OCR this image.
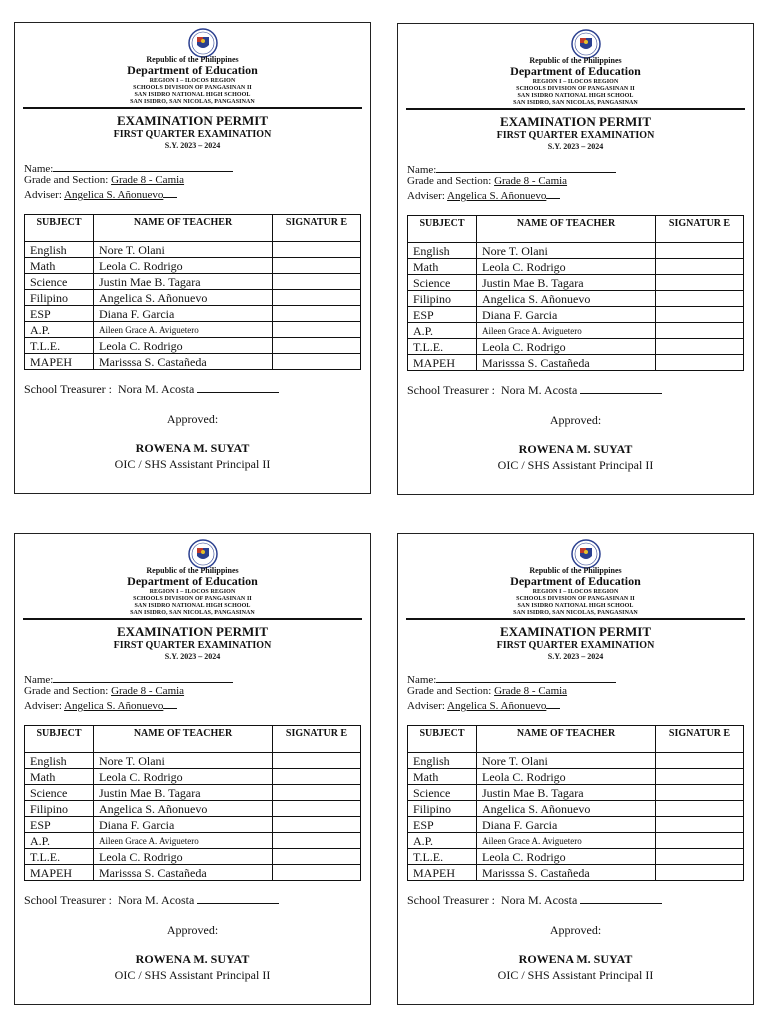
Republic of the Philippines
Department of Education
REGION I – ILOCOS REGION
SCHOOLS DIVISION OF PANGASINAN II
SAN ISIDRO NATIONAL HIGH SCHOOL
SAN ISIDRO, SAN NICOLAS, PANGASINAN
EXAMINATION PERMIT
FIRST QUARTER EXAMINATION
S.Y. 2023 – 2024
Name:
Grade and Section: Grade 8 - Camia
Adviser: Angelica S. Añonuevo
SUBJECT	NAME OF TEACHER	SIGNATUR E
English	Nore T. Olani	
Math	Leola C. Rodrigo	
Science	Justin Mae B. Tagara	
Filipino	Angelica S. Añonuevo	
ESP	Diana F. Garcia	
A.P.	Aileen Grace A. Aviguetero	
T.L.E.	Leola C. Rodrigo	
MAPEH	Marisssa S. Castañeda	
School Treasurer : Nora M. Acosta
Approved:
ROWENA M. SUYAT
OIC / SHS Assistant Principal II
Republic of the Philippines
Department of Education
REGION I – ILOCOS REGION
SCHOOLS DIVISION OF PANGASINAN II
SAN ISIDRO NATIONAL HIGH SCHOOL
SAN ISIDRO, SAN NICOLAS, PANGASINAN
EXAMINATION PERMIT
FIRST QUARTER EXAMINATION
S.Y. 2023 – 2024
Name:
Grade and Section: Grade 8 - Camia
Adviser: Angelica S. Añonuevo
SUBJECT	NAME OF TEACHER	SIGNATUR E
English	Nore T. Olani	
Math	Leola C. Rodrigo	
Science	Justin Mae B. Tagara	
Filipino	Angelica S. Añonuevo	
ESP	Diana F. Garcia	
A.P.	Aileen Grace A. Aviguetero	
T.L.E.	Leola C. Rodrigo	
MAPEH	Marisssa S. Castañeda	
School Treasurer : Nora M. Acosta
Approved:
ROWENA M. SUYAT
OIC / SHS Assistant Principal II
Republic of the Philippines
Department of Education
REGION I – ILOCOS REGION
SCHOOLS DIVISION OF PANGASINAN II
SAN ISIDRO NATIONAL HIGH SCHOOL
SAN ISIDRO, SAN NICOLAS, PANGASINAN
EXAMINATION PERMIT
FIRST QUARTER EXAMINATION
S.Y. 2023 – 2024
Name:
Grade and Section: Grade 8 - Camia
Adviser: Angelica S. Añonuevo
SUBJECT	NAME OF TEACHER	SIGNATUR E
English	Nore T. Olani	
Math	Leola C. Rodrigo	
Science	Justin Mae B. Tagara	
Filipino	Angelica S. Añonuevo	
ESP	Diana F. Garcia	
A.P.	Aileen Grace A. Aviguetero	
T.L.E.	Leola C. Rodrigo	
MAPEH	Marisssa S. Castañeda	
School Treasurer : Nora M. Acosta
Approved:
ROWENA M. SUYAT
OIC / SHS Assistant Principal II
Republic of the Philippines
Department of Education
REGION I – ILOCOS REGION
SCHOOLS DIVISION OF PANGASINAN II
SAN ISIDRO NATIONAL HIGH SCHOOL
SAN ISIDRO, SAN NICOLAS, PANGASINAN
EXAMINATION PERMIT
FIRST QUARTER EXAMINATION
S.Y. 2023 – 2024
Name:
Grade and Section: Grade 8 - Camia
Adviser: Angelica S. Añonuevo
SUBJECT	NAME OF TEACHER	SIGNATUR E
English	Nore T. Olani	
Math	Leola C. Rodrigo	
Science	Justin Mae B. Tagara	
Filipino	Angelica S. Añonuevo	
ESP	Diana F. Garcia	
A.P.	Aileen Grace A. Aviguetero	
T.L.E.	Leola C. Rodrigo	
MAPEH	Marisssa S. Castañeda	
School Treasurer : Nora M. Acosta
Approved:
ROWENA M. SUYAT
OIC / SHS Assistant Principal II
